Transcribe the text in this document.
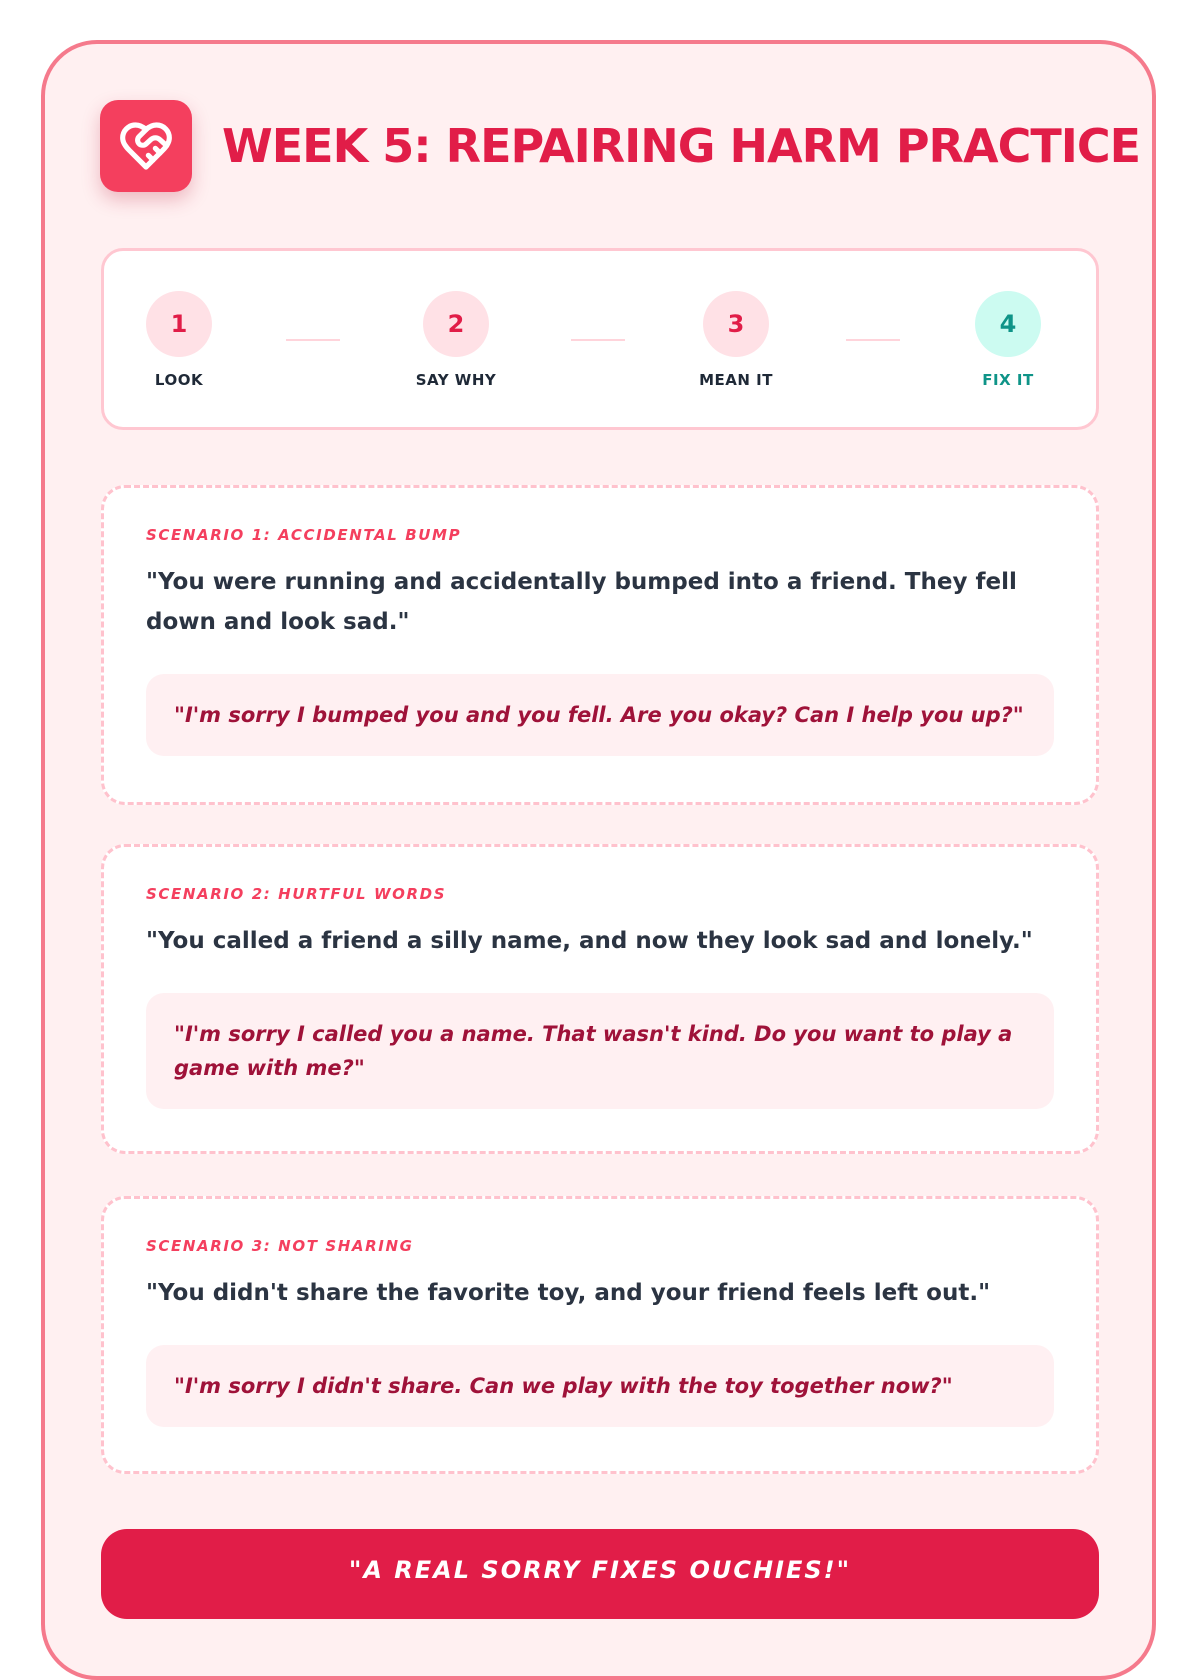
WEEK 5: REPAIRING HARM PRACTICE
1
LOOK
2
SAY WHY
3
MEAN IT
4
FIX IT

SCENARIO 1: ACCIDENTAL BUMP

"You were running and accidentally bumped into a friend. They fell down and look sad."

"I'm sorry I bumped you and you fell. Are you okay? Can I help you up?"

SCENARIO 2: HURTFUL WORDS

"You called a friend a silly name, and now they look sad and lonely."

"I'm sorry I called you a name. That wasn't kind. Do you want to play a game with me?"

SCENARIO 3: NOT SHARING

"You didn't share the favorite toy, and your friend feels left out."

"I'm sorry I didn't share. Can we play with the toy together now?"
"A REAL SORRY FIXES OUCHIES!"
